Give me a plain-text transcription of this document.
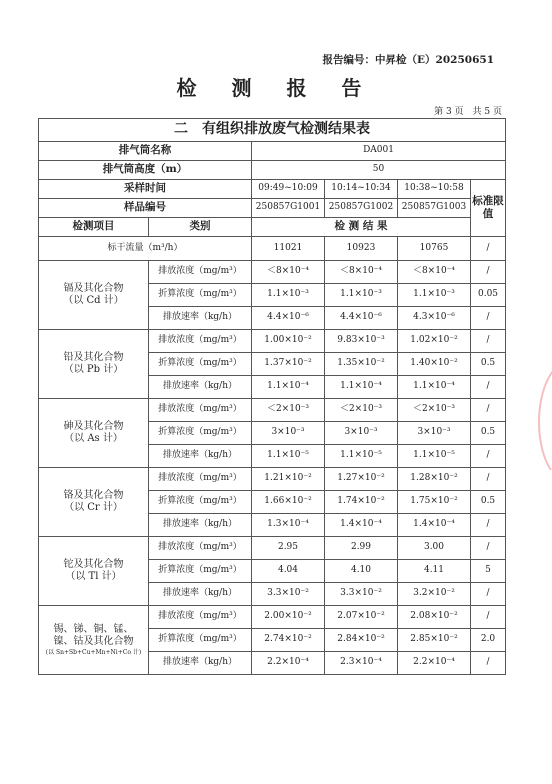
报告编号：中昇检（E）20250651
检 测 报 告
第 3 页　共 5 页
二　有组织排放废气检测结果表					
排气筒名称		DA001			
排气筒高度（m）		50			
采样时间		09:49~10:09	10:14~10:34	10:38~10:58	标准限值
样品编号		250857G1001	250857G1002	250857G1003	
检测项目	类别	检 测 结 果			
标干流量（m³/h）		11021	10923	10765	/
镉及其化合物
（以 Cd 计）	排放浓度（mg/m³）	＜8×10⁻⁴	＜8×10⁻⁴	＜8×10⁻⁴	/
	折算浓度（mg/m³）	1.1×10⁻³	1.1×10⁻³	1.1×10⁻³	0.05
	排放速率（kg/h）	4.4×10⁻⁶	4.4×10⁻⁶	4.3×10⁻⁶	/
铅及其化合物
（以 Pb 计）	排放浓度（mg/m³）	1.00×10⁻²	9.83×10⁻³	1.02×10⁻²	/
	折算浓度（mg/m³）	1.37×10⁻²	1.35×10⁻²	1.40×10⁻²	0.5
	排放速率（kg/h）	1.1×10⁻⁴	1.1×10⁻⁴	1.1×10⁻⁴	/
砷及其化合物
（以 As 计）	排放浓度（mg/m³）	＜2×10⁻³	＜2×10⁻³	＜2×10⁻³	/
	折算浓度（mg/m³）	3×10⁻³	3×10⁻³	3×10⁻³	0.5
	排放速率（kg/h）	1.1×10⁻⁵	1.1×10⁻⁵	1.1×10⁻⁵	/
铬及其化合物
（以 Cr 计）	排放浓度（mg/m³）	1.21×10⁻²	1.27×10⁻²	1.28×10⁻²	/
	折算浓度（mg/m³）	1.66×10⁻²	1.74×10⁻²	1.75×10⁻²	0.5
	排放速率（kg/h）	1.3×10⁻⁴	1.4×10⁻⁴	1.4×10⁻⁴	/
铊及其化合物
（以 Tl 计）	排放浓度（mg/m³）	2.95	2.99	3.00	/
	折算浓度（mg/m³）	4.04	4.10	4.11	5
	排放速率（kg/h）	3.3×10⁻²	3.3×10⁻²	3.2×10⁻²	/
锡、锑、铜、锰、
镍、钴及其化合物
(以 Sn+Sb+Cu+Mn+Ni+Co 计)	排放浓度（mg/m³）	2.00×10⁻²	2.07×10⁻²	2.08×10⁻²	/
	折算浓度（mg/m³）	2.74×10⁻²	2.84×10⁻²	2.85×10⁻²	2.0
	排放速率（kg/h）	2.2×10⁻⁴	2.3×10⁻⁴	2.2×10⁻⁴	/
